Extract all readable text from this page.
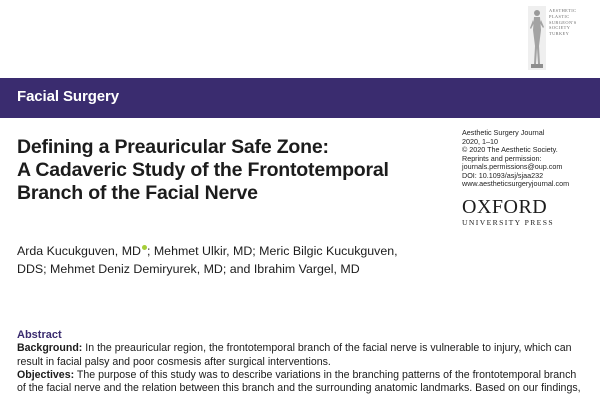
AESTHETIC
PLASTIC
SURGEON'S
SOCIETY
TURKEY
Facial Surgery
Defining a Preauricular Safe Zone:
A Cadaveric Study of the Frontotemporal
Branch of the Facial Nerve
Aesthetic Surgery Journal
2020, 1–10
© 2020 The Aesthetic Society.
Reprints and permission:
journals.permissions@oup.com
DOI: 10.1093/asj/sjaa232
www.aestheticsurgeryjournal.com
OXFORD
UNIVERSITY PRESS
Arda Kucukguven, MD ; Mehmet Ulkir, MD; Meric Bilgic Kucukguven,
DDS; Mehmet Deniz Demiryurek, MD; and Ibrahim Vargel, MD
Abstract
Background: In the preauricular region, the frontotemporal branch of the facial nerve is vulnerable to injury, which can
result in facial palsy and poor cosmesis after surgical interventions.
Objectives: The purpose of this study was to describe variations in the branching patterns of the frontotemporal branch
of the facial nerve and the relation between this branch and the surrounding anatomic landmarks. Based on our findings,
